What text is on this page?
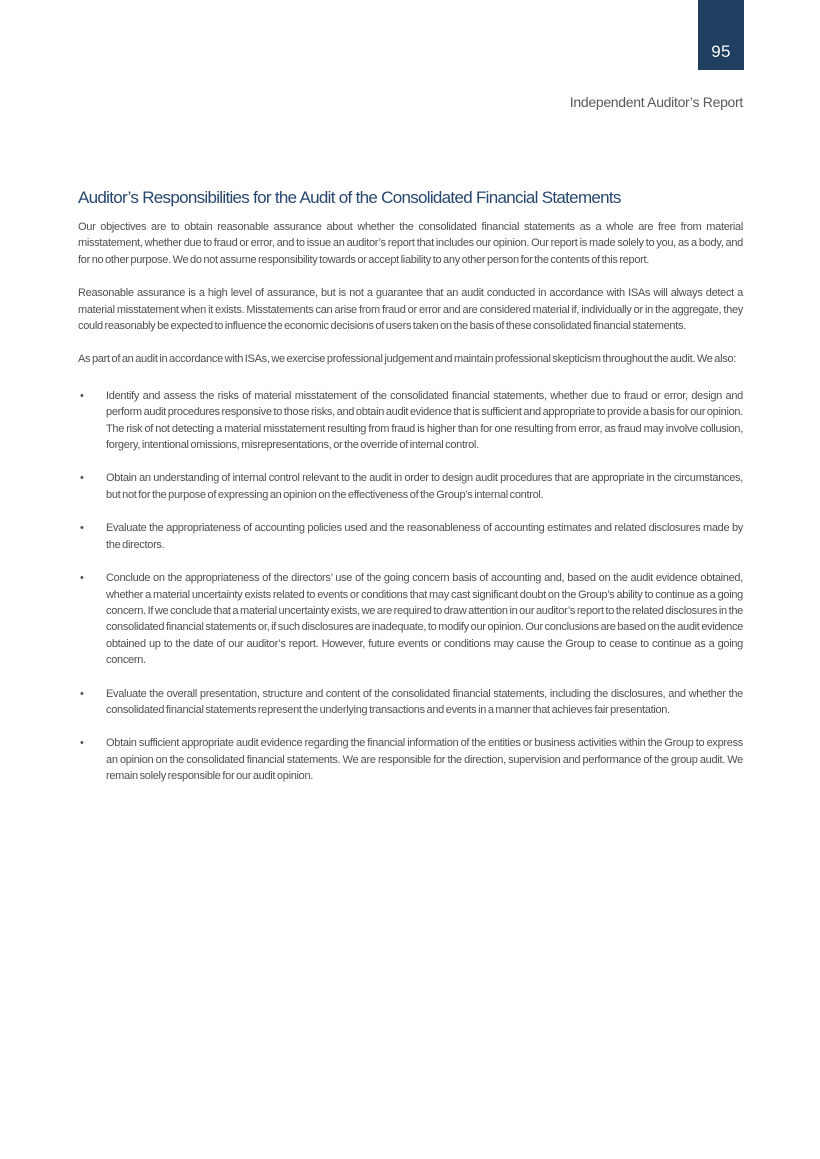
95
Independent Auditor’s Report
Auditor’s Responsibilities for the Audit of the Consolidated Financial Statements

Our objectives are to obtain reasonable assurance about whether the consolidated financial statements as a whole are free from material misstatement, whether due to fraud or error, and to issue an auditor’s report that includes our opinion. Our report is made solely to you, as a body, and for no other purpose. We do not assume responsibility towards or accept liability to any other person for the contents of this report.

Reasonable assurance is a high level of assurance, but is not a guarantee that an audit conducted in accordance with ISAs will always detect a material misstatement when it exists. Misstatements can arise from fraud or error and are considered material if, individually or in the aggregate, they could reasonably be expected to influence the economic decisions of users taken on the basis of these consolidated financial statements.

As part of an audit in accordance with ISAs, we exercise professional judgement and maintain professional skepticism throughout the audit. We also:

•	Identify and assess the risks of material misstatement of the consolidated financial statements, whether due to fraud or error, design and perform audit procedures responsive to those risks, and obtain audit evidence that is sufficient and appropriate to provide a basis for our opinion. The risk of not detecting a material misstatement resulting from fraud is higher than for one resulting from error, as fraud may involve collusion, forgery, intentional omissions, misrepresentations, or the override of internal control.
•	Obtain an understanding of internal control relevant to the audit in order to design audit procedures that are appropriate in the circumstances, but not for the purpose of expressing an opinion on the effectiveness of the Group’s internal control.
•	Evaluate the appropriateness of accounting policies used and the reasonableness of accounting estimates and related disclosures made by the directors.
•	Conclude on the appropriateness of the directors’ use of the going concern basis of accounting and, based on the audit evidence obtained, whether a material uncertainty exists related to events or conditions that may cast significant doubt on the Group’s ability to continue as a going concern. If we conclude that a material uncertainty exists, we are required to draw attention in our auditor’s report to the related disclosures in the consolidated financial statements or, if such disclosures are inadequate, to modify our opinion. Our conclusions are based on the audit evidence obtained up to the date of our auditor’s report. However, future events or conditions may cause the Group to cease to continue as a going concern.
•	Evaluate the overall presentation, structure and content of the consolidated financial statements, including the disclosures, and whether the consolidated financial statements represent the underlying transactions and events in a manner that achieves fair presentation.
•	Obtain sufficient appropriate audit evidence regarding the financial information of the entities or business activities within the Group to express an opinion on the consolidated financial statements. We are responsible for the direction, supervision and performance of the group audit. We remain solely responsible for our audit opinion.
